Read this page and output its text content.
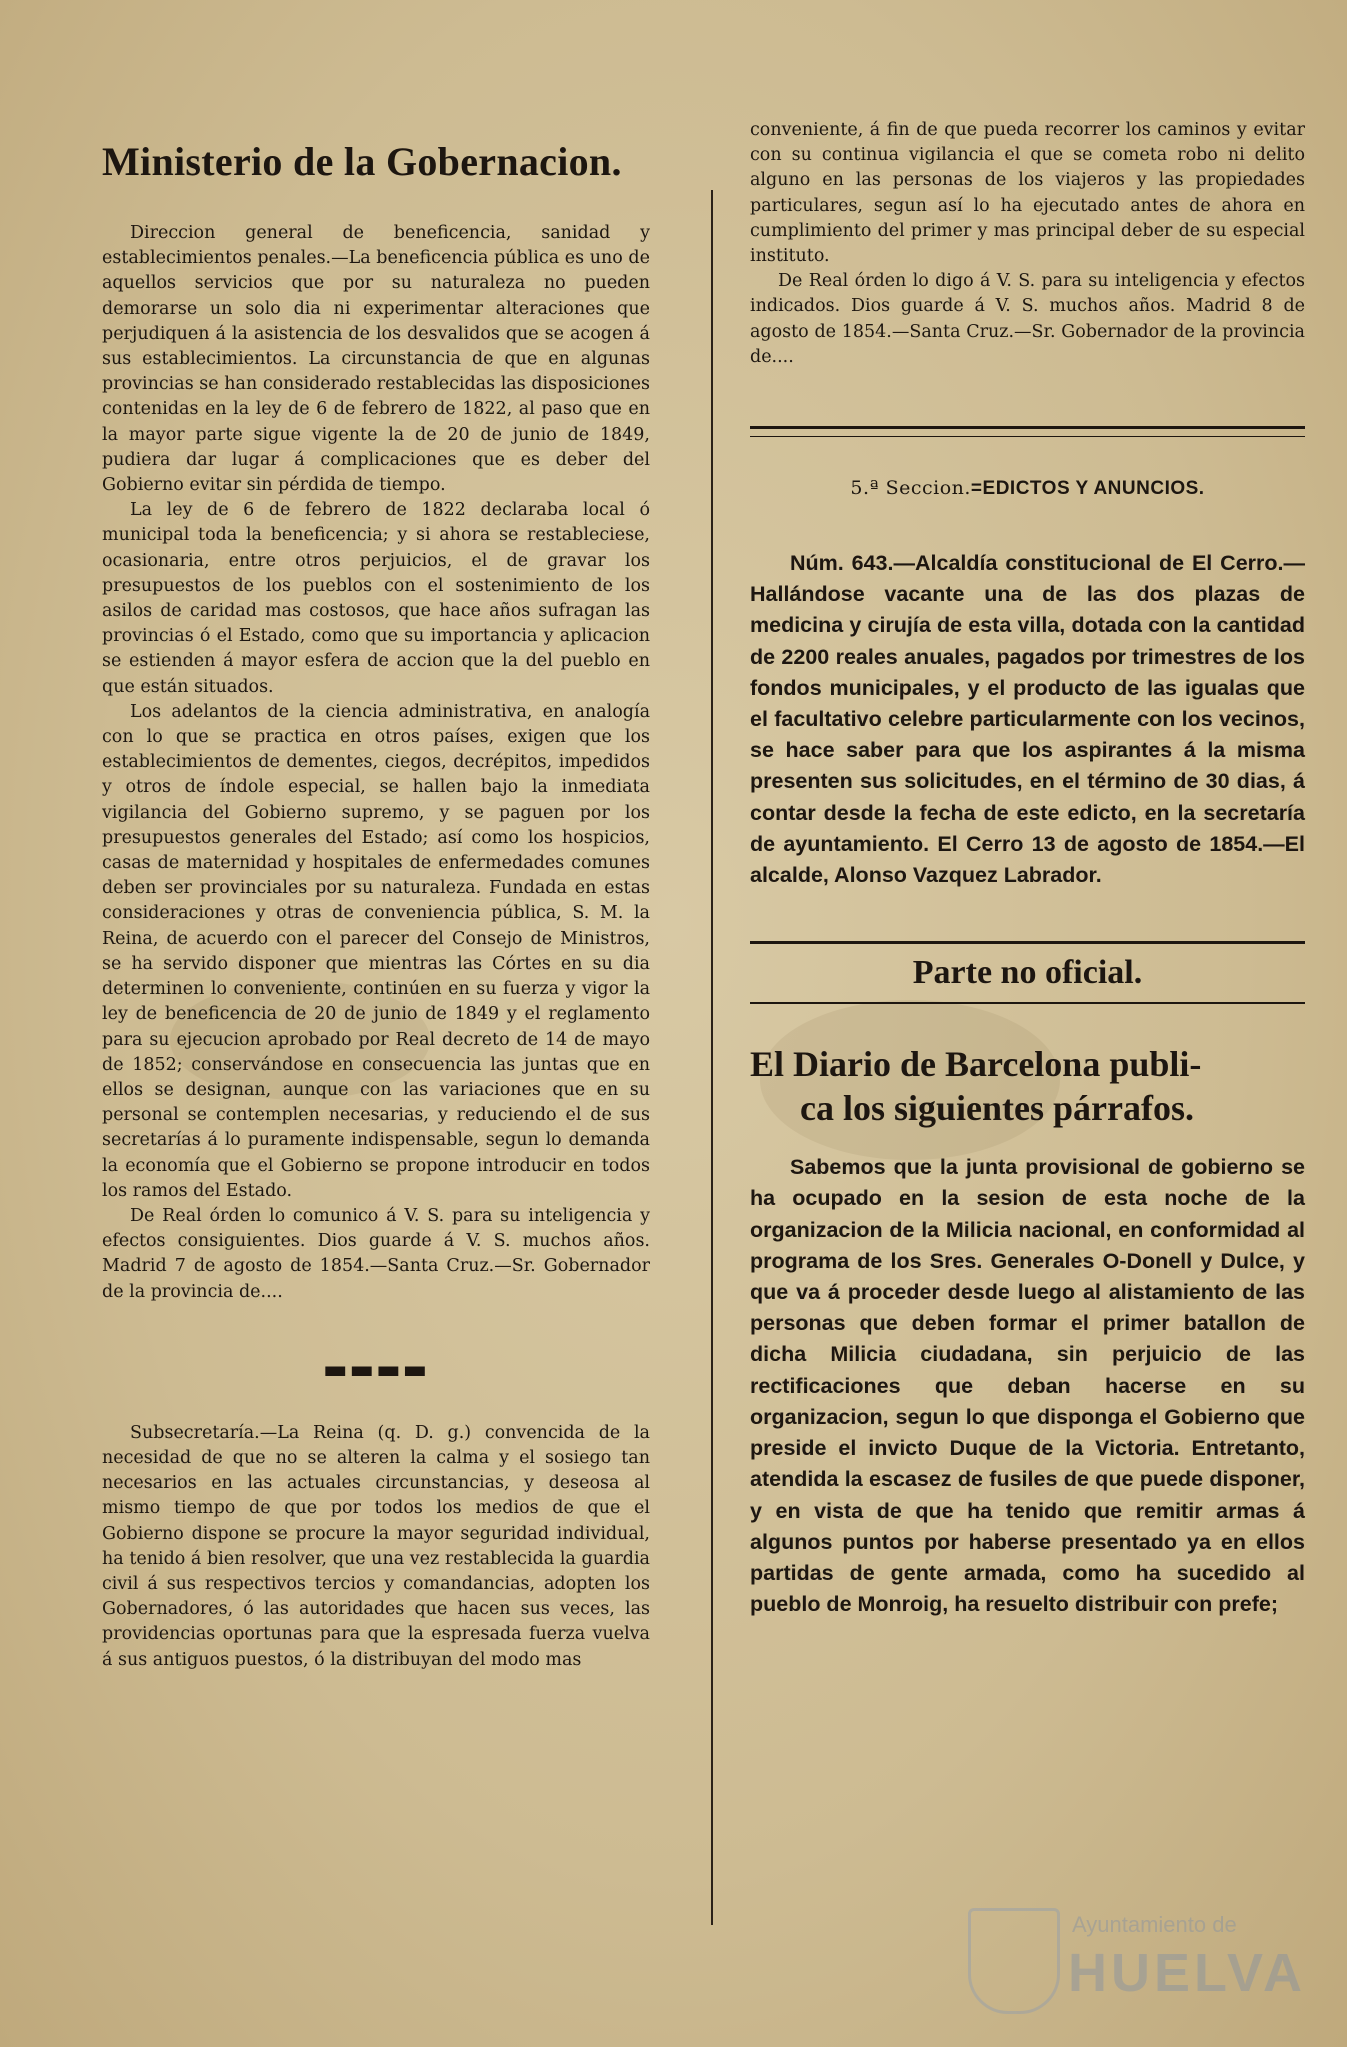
Ministerio de la Gobernacion.

Direccion general de beneficencia, sanidad y establecimientos penales.—La beneficencia pública es uno de aquellos servicios que por su naturaleza no pueden demorarse un solo dia ni experimentar alteraciones que perjudiquen á la asistencia de los desvalidos que se acogen á sus establecimientos. La circunstancia de que en algunas provincias se han considerado restablecidas las disposiciones contenidas en la ley de 6 de febrero de 1822, al paso que en la mayor parte sigue vigente la de 20 de junio de 1849, pudiera dar lugar á complicaciones que es deber del Gobierno evitar sin pérdida de tiempo.

La ley de 6 de febrero de 1822 declaraba local ó municipal toda la beneficencia; y si ahora se restableciese, ocasionaria, entre otros perjuicios, el de gravar los presupuestos de los pueblos con el sostenimiento de los asilos de caridad mas costosos, que hace años sufragan las provincias ó el Estado, como que su importancia y aplicacion se estienden á mayor esfera de accion que la del pueblo en que están situados.

Los adelantos de la ciencia administrativa, en analogía con lo que se practica en otros países, exigen que los establecimientos de dementes, ciegos, decrépitos, impedidos y otros de índole especial, se hallen bajo la inmediata vigilancia del Gobierno supremo, y se paguen por los presupuestos generales del Estado; así como los hospicios, casas de maternidad y hospitales de enfermedades comunes deben ser provinciales por su naturaleza. Fundada en estas consideraciones y otras de conveniencia pública, S. M. la Reina, de acuerdo con el parecer del Consejo de Ministros, se ha servido disponer que mientras las Córtes en su dia determinen lo conveniente, continúen en su fuerza y vigor la ley de beneficencia de 20 de junio de 1849 y el reglamento para su ejecucion aprobado por Real decreto de 14 de mayo de 1852; conservándose en consecuencia las juntas que en ellos se designan, aunque con las variaciones que en su personal se contemplen necesarias, y reduciendo el de sus secretarías á lo puramente indispensable, segun lo demanda la economía que el Gobierno se propone introducir en todos los ramos del Estado.

De Real órden lo comunico á V. S. para su inteligencia y efectos consiguientes. Dios guarde á V. S. muchos años. Madrid 7 de agosto de 1854.—Santa Cruz.—Sr. Gobernador de la provincia de....

▬▬▬▬

Subsecretaría.—La Reina (q. D. g.) convencida de la necesidad de que no se alteren la calma y el sosiego tan necesarios en las actuales circunstancias, y deseosa al mismo tiempo de que por todos los medios de que el Gobierno dispone se procure la mayor seguridad individual, ha tenido á bien resolver, que una vez restablecida la guardia civil á sus respectivos tercios y comandancias, adopten los Gobernadores, ó las autoridades que hacen sus veces, las providencias oportunas para que la espresada fuerza vuelva á sus antiguos puestos, ó la distribuyan del modo mas

conveniente, á fin de que pueda recorrer los caminos y evitar con su continua vigilancia el que se cometa robo ni delito alguno en las personas de los viajeros y las propiedades particulares, segun así lo ha ejecutado antes de ahora en cumplimiento del primer y mas principal deber de su especial instituto.

De Real órden lo digo á V. S. para su inteligencia y efectos indicados. Dios guarde á V. S. muchos años. Madrid 8 de agosto de 1854.—Santa Cruz.—Sr. Gobernador de la provincia de....

5.ª Seccion.=EDICTOS Y ANUNCIOS.

Núm. 643.—Alcaldía constitucional de El Cerro.—Hallándose vacante una de las dos plazas de medicina y cirujía de esta villa, dotada con la cantidad de 2200 reales anuales, pagados por trimestres de los fondos municipales, y el producto de las igualas que el facultativo celebre particularmente con los vecinos, se hace saber para que los aspirantes á la misma presenten sus solicitudes, en el término de 30 dias, á contar desde la fecha de este edicto, en la secretaría de ayuntamiento. El Cerro 13 de agosto de 1854.—El alcalde, Alonso Vazquez Labrador.

Parte no oficial.
El Diario de Barcelona publi-
ca los siguientes párrafos.

Sabemos que la junta provisional de gobierno se ha ocupado en la sesion de esta noche de la organizacion de la Milicia nacional, en conformidad al programa de los Sres. Generales O-Donell y Dulce, y que va á proceder desde luego al alistamiento de las personas que deben formar el primer batallon de dicha Milicia ciudadana, sin perjuicio de las rectificaciones que deban hacerse en su organizacion, segun lo que disponga el Gobierno que preside el invicto Duque de la Victoria. Entretanto, atendida la escasez de fusiles de que puede disponer, y en vista de que ha tenido que remitir armas á algunos puntos por haberse presentado ya en ellos partidas de gente armada, como ha sucedido al pueblo de Monroig, ha resuelto distribuir con prefe;

Ayuntamiento de
HUELVA
